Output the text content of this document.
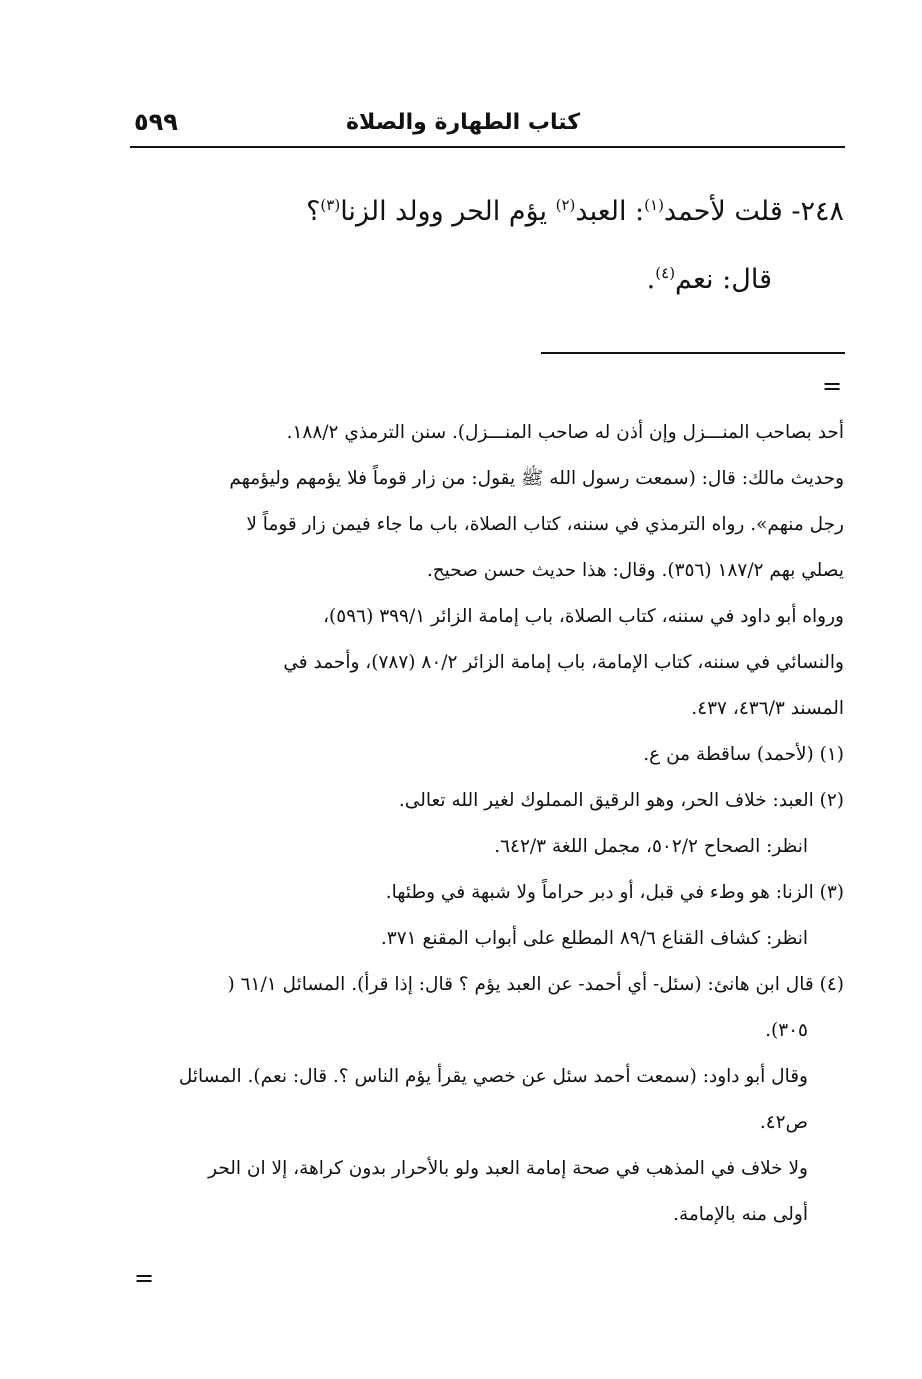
كتاب الطهارة والصلاة
٥٩٩
٢٤٨- قلت لأحمد$^{(١)}$: العبد$^{(٢)}$ يؤم الحر وولد الزنا$^{(٣)}$؟
قال: نعم$^{(٤)}$.
=
أحد بصاحب المنـــزل وإن أذن له صاحب المنـــزل). سنن الترمذي ١٨٨/٢.
وحديث مالك: قال: (سمعت رسول الله ﷺ يقول: من زار قوماً فلا يؤمهم وليؤمهم
رجل منهم». رواه الترمذي في سننه، كتاب الصلاة، باب ما جاء فيمن زار قوماً لا
يصلي بهم ١٨٧/٢ (٣٥٦). وقال: هذا حديث حسن صحيح.
ورواه أبو داود في سننه، كتاب الصلاة، باب إمامة الزائر ٣٩٩/١ (٥٩٦)،
والنسائي في سننه، كتاب الإمامة، باب إمامة الزائر ٨٠/٢ (٧٨٧)، وأحمد في
المسند ٤٣٦/٣، ٤٣٧.
(١) (لأحمد) ساقطة من ع.
(٢) العبد: خلاف الحر، وهو الرقيق المملوك لغير الله تعالى.
انظر: الصحاح ٥٠٢/٢، مجمل اللغة ٦٤٢/٣.
(٣) الزنا: هو وطء في قبل، أو دبر حراماً ولا شبهة في وطئها.
انظر: كشاف القناع ٨٩/٦ المطلع على أبواب المقنع ٣٧١.
(٤) قال ابن هانئ: (سئل- أي أحمد- عن العبد يؤم ؟ قال: إذا قرأ). المسائل ٦١/١ (
٣٠٥).
وقال أبو داود: (سمعت أحمد سئل عن خصي يقرأ يؤم الناس ؟. قال: نعم). المسائل
ص٤٢.
ولا خلاف في المذهب في صحة إمامة العبد ولو بالأحرار بدون كراهة، إلا ان الحر
أولى منه بالإمامة.
=
